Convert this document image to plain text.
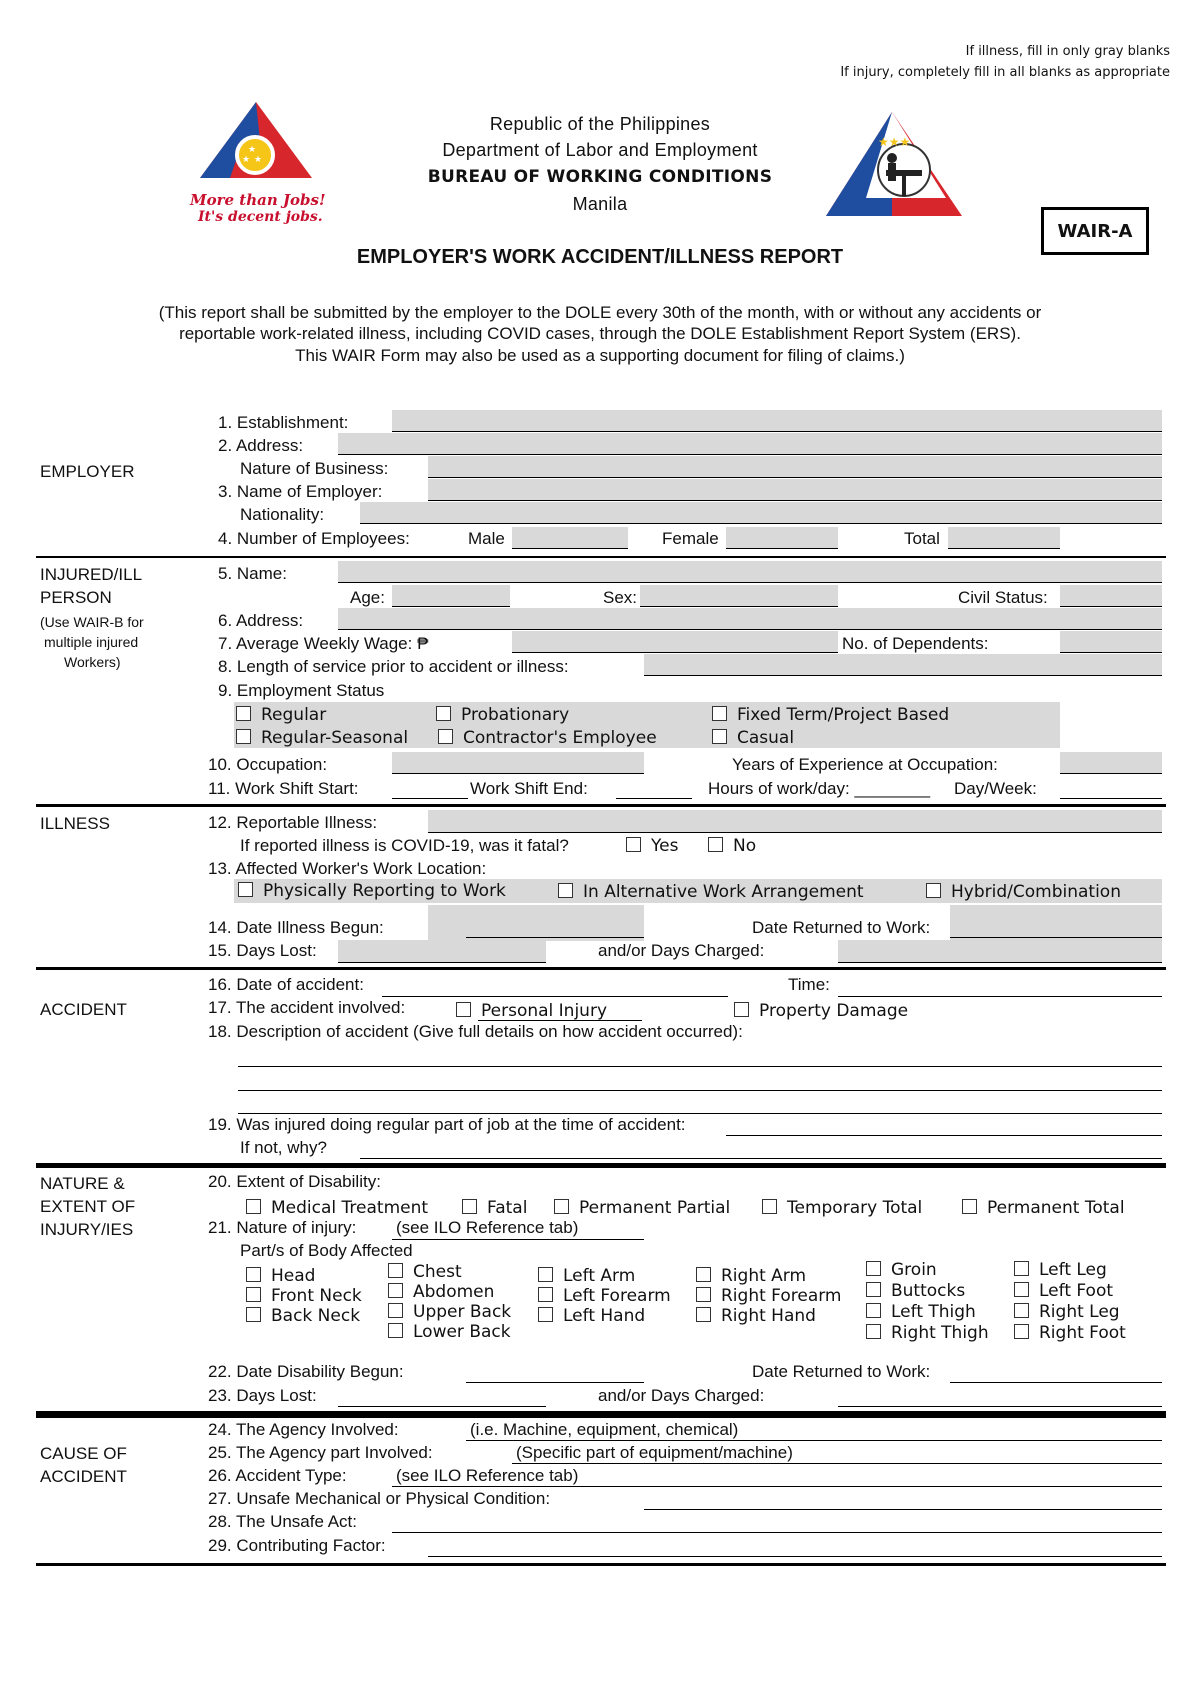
If illness, fill in only gray blanks
If injury, completely fill in all blanks as appropriate
★
★ ★
More than Jobs!
It's decent jobs.
★★★
Republic of the Philippines
Department of Labor and Employment
BUREAU OF WORKING CONDITIONS
Manila
WAIR-A
EMPLOYER'S WORK ACCIDENT/ILLNESS REPORT
(This report shall be submitted by the employer to the DOLE every 30th of the month, with or without any accidents or
reportable work-related illness, including COVID cases, through the DOLE Establishment Report System (ERS).
This WAIR Form may also be used as a supporting document for filing of claims.)
EMPLOYER
1. Establishment:
2. Address:
Nature of Business:
3. Name of Employer:
Nationality:
4. Number of Employees:	Male	Female	Total
INJURED/ILL
PERSON
(Use WAIR-B for
multiple injured
Workers)
5. Name:
Age:	Sex:	Civil Status:
6. Address:
7. Average Weekly Wage: ₱	No. of Dependents:
8. Length of service prior to accident or illness:
9. Employment Status
Regular	Probationary	Fixed Term/Project Based
Regular-Seasonal	Contractor's Employee	Casual
10. Occupation:	Years of Experience at Occupation:
11. Work Shift Start:	Work Shift End:	Hours of work/day: ________ Day/Week:
ILLNESS	12. Reportable Illness:
If reported illness is COVID-19, was it fatal?	Yes	No
13. Affected Worker's Work Location:
Physically Reporting to Work	In Alternative Work Arrangement	Hybrid/Combination
14. Date Illness Begun:	Date Returned to Work:
15. Days Lost:	and/or Days Charged:
ACCIDENT
16. Date of accident:	Time:
17. The accident involved:	Personal Injury	Property Damage
18. Description of accident (Give full details on how accident occurred):
19. Was injured doing regular part of job at the time of accident:
If not, why?
NATURE &
EXTENT OF
INJURY/IES
20. Extent of Disability:
Medical Treatment	Fatal	Permanent Partial	Temporary Total	Permanent Total
21. Nature of injury: (see ILO Reference tab)
Part/s of Body Affected
Head
Front Neck
Back Neck
Chest
Abdomen
Upper Back
Lower Back
Left Arm
Left Forearm
Left Hand
Right Arm
Right Forearm
Right Hand
Groin
Buttocks
Left Thigh
Right Thigh
Left Leg
Left Foot
Right Leg
Right Foot
22. Date Disability Begun:	Date Returned to Work:
23. Days Lost:	and/or Days Charged:
CAUSE OF
ACCIDENT
24. The Agency Involved:	(i.e. Machine, equipment, chemical)
25. The Agency part Involved:	(Specific part of equipment/machine)
26. Accident Type:	(see ILO Reference tab)
27. Unsafe Mechanical or Physical Condition:
28. The Unsafe Act:
29. Contributing Factor:
